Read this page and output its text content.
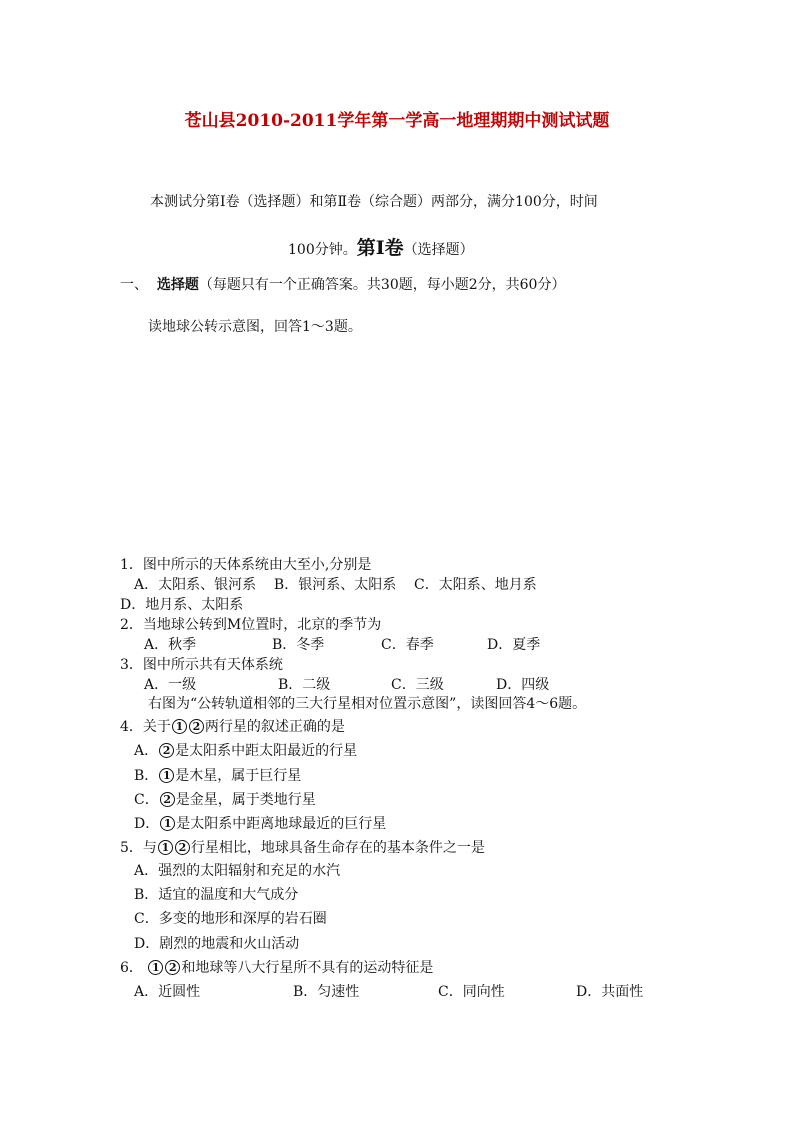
苍山县2010-2011学年第一学高一地理期期中测试试题
本测试分第Ⅰ卷（选择题）和第Ⅱ卷（综合题）两部分，满分100分，时间
100分钟。第Ⅰ卷（选择题）
一、 选择题（每题只有一个正确答案。共30题，每小题2分，共60分）
读地球公转示意图，回答1～3题。
1．图中所示的天体系统由大至小,分别是
A．太阳系、银河系    B．银河系、太阳系    C．太阳系、地月系
D．地月系、太阳系
2．当地球公转到M位置时，北京的季节为
A．秋季	B．冬季	C．春季	D．夏季
3．图中所示共有天体系统
A．一级	B．二级	C．三级	D．四级
右图为“公转轨道相邻的三大行星相对位置示意图”，读图回答4～6题。
4．关于 1 2 两行星的叙述正确的是
A． 2 是太阳系中距太阳最近的行星
B． 1 是木星，属于巨行星
C． 2 是金星，属于类地行星
D． 1 是太阳系中距离地球最近的巨行星
5．与 1 2 行星相比，地球具备生命存在的基本条件之一是
A．强烈的太阳辐射和充足的水汽
B．适宜的温度和大气成分
C．多变的地形和深厚的岩石圈
D．剧烈的地震和火山活动
6． 1 2 和地球等八大行星所不具有的运动特征是
A．近圆性	B．匀速性	C．同向性	D．共面性
